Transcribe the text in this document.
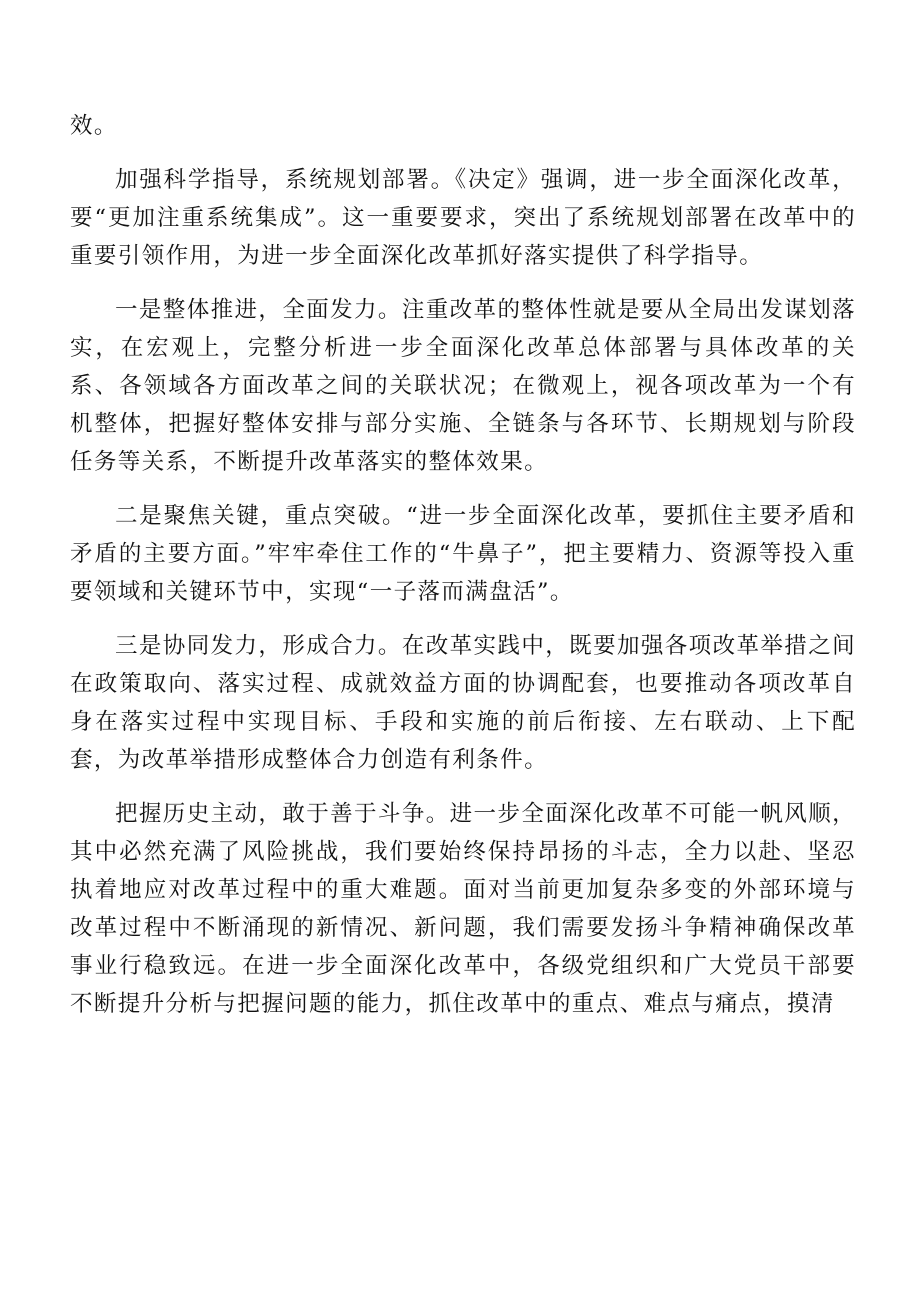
效。

加强科学指导，系统规划部署。《决定》强调，进一步全面深化改革，要“更加注重系统集成”。这一重要要求，突出了系统规划部署在改革中的重要引领作用，为进一步全面深化改革抓好落实提供了科学指导。

一是整体推进，全面发力。注重改革的整体性就是要从全局出发谋划落实，在宏观上，完整分析进一步全面深化改革总体部署与具体改革的关系、各领域各方面改革之间的关联状况；在微观上，视各项改革为一个有机整体，把握好整体安排与部分实施、全链条与各环节、长期规划与阶段任务等关系，不断提升改革落实的整体效果。

二是聚焦关键，重点突破。“进一步全面深化改革，要抓住主要矛盾和矛盾的主要方面。”牢牢牵住工作的“牛鼻子”，把主要精力、资源等投入重要领域和关键环节中，实现“一子落而满盘活”。

三是协同发力，形成合力。在改革实践中，既要加强各项改革举措之间在政策取向、落实过程、成就效益方面的协调配套，也要推动各项改革自身在落实过程中实现目标、手段和实施的前后衔接、左右联动、上下配套，为改革举措形成整体合力创造有利条件。

把握历史主动，敢于善于斗争。进一步全面深化改革不可能一帆风顺，其中必然充满了风险挑战，我们要始终保持昂扬的斗志，全力以赴、坚忍执着地应对改革过程中的重大难题。面对当前更加复杂多变的外部环境与改革过程中不断涌现的新情况、新问题，我们需要发扬斗争精神确保改革事业行稳致远。在进一步全面深化改革中，各级党组织和广大党员干部要不断提升分析与把握问题的能力，抓住改革中的重点、难点与痛点，摸清
